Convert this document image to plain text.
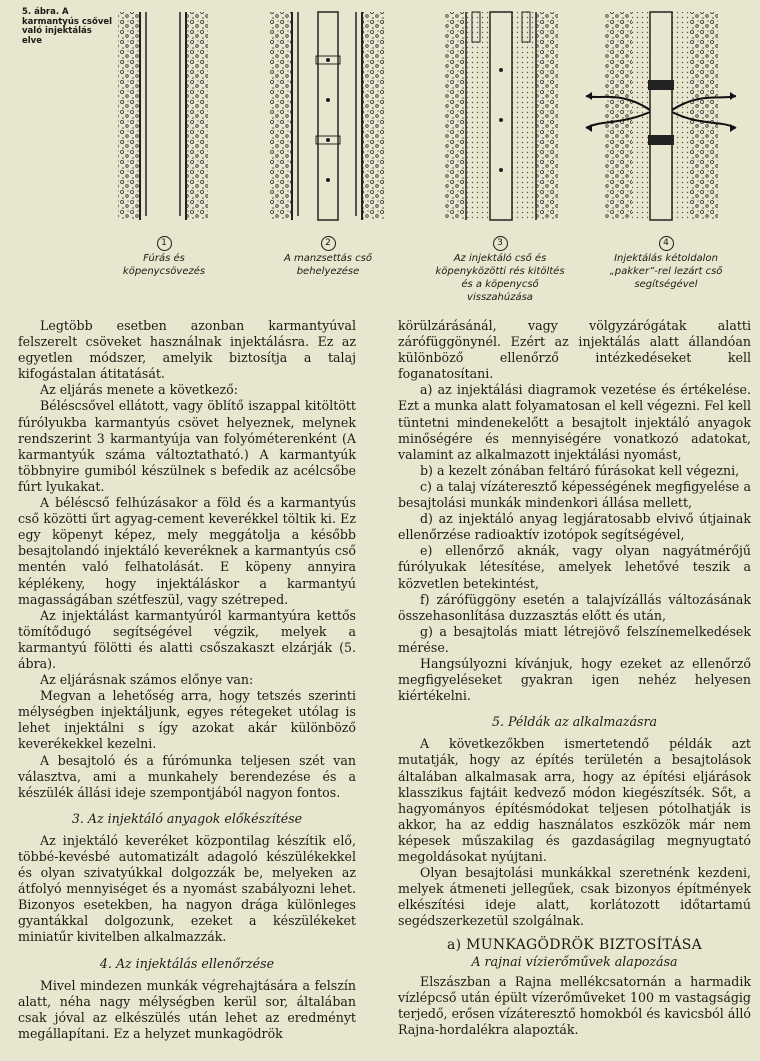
5. ábra. A karmantyús csővel való injektálás elve
1
Fúrás és köpenycsövezés
2
A manzsettás cső behelyezése
3
Az injektáló cső és köpenyközötti rés kitöltés és a köpenycső visszahúzása
4
Injektálás kétoldalon „pakker”-rel lezárt cső segítségével

Legtöbb esetben azonban karmantyúval felszerelt csöveket használnak injektálásra. Ez az egyetlen módszer, amelyik biztosítja a talaj kifogástalan átitatását.

Az eljárás menete a következő:

Béléscsővel ellátott, vagy öblítő iszappal kitöltött fúrólyukba karmantyús csövet helyeznek, melynek rendszerint 3 karmantyúja van folyóméterenként (A karmantyúk száma változtatható.) A karmantyúk többnyire gumiból készülnek s befedik az acélcsőbe fúrt lyukakat.

A béléscső felhúzásakor a föld és a karmantyús cső közötti űrt agyag-cement keverékkel töltik ki. Ez egy köpenyt képez, mely meggátolja a később besajtolandó injektáló keveréknek a karmantyús cső mentén való felhatolását. E köpeny annyira képlékeny, hogy injektáláskor a karmantyú magasságában szétfeszül, vagy szétreped.

Az injektálást karmantyúról karmantyúra kettős tömítődugó segítségével végzik, melyek a karmantyú fölötti és alatti csőszakaszt elzárják (5. ábra).

Az eljárásnak számos előnye van:

Megvan a lehetőség arra, hogy tetszés szerinti mélységben injektáljunk, egyes rétegeket utólag is lehet injektálni s így azokat akár különböző keverékekkel kezelni.

A besajtoló és a fúrómunka teljesen szét van választva, ami a munkahely berendezése és a készülék állási ideje szempontjából nagyon fontos.

3. Az injektáló anyagok előkészítése

Az injektáló keveréket központilag készítik elő, többé-kevésbé automatizált adagoló készülékekkel és olyan szivatyúkkal dolgozzák be, melyeken az átfolyó mennyiséget és a nyomást szabályozni lehet. Bizonyos esetekben, ha nagyon drága különleges gyantákkal dolgozunk, ezeket a készülékeket miniatűr kivitelben alkalmazzák.

4. Az injektálás ellenőrzése

Mivel mindezen munkák végrehajtására a felszín alatt, néha nagy mélységben kerül sor, általában csak jóval az elkészülés után lehet az eredményt megállapítani. Ez a helyzet munkagödrök

körülzárásánál, vagy völgyzárógátak alatti zárófüggönynél. Ezért az injektálás alatt állandóan különböző ellenőrző intézkedéseket kell foganatosítani.

a) az injektálási diagramok vezetése és értékelése. Ezt a munka alatt folyamatosan el kell végezni. Fel kell tüntetni mindenekelőtt a besajtolt injektáló anyagok minőségére és mennyiségére vonatkozó adatokat, valamint az alkalmazott injektálási nyomást,

b) a kezelt zónában feltáró fúrásokat kell végezni,

c) a talaj vízáteresztő képességének megfigyelése a besajtolási munkák mindenkori állása mellett,

d) az injektáló anyag legjáratosabb elvivő útjainak ellenőrzése radioaktív izotópok segítségével,

e) ellenőrző aknák, vagy olyan nagyátmérőjű fúrólyukak létesítése, amelyek lehetővé teszik a közvetlen betekintést,

f) zárófüggöny esetén a talajvízállás változásának összehasonlítása duzzasztás előtt és után,

g) a besajtolás miatt létrejövő felszínemelkedések mérése.

Hangsúlyozni kívánjuk, hogy ezeket az ellenőrző megfigyeléseket gyakran igen nehéz helyesen kiértékelni.

5. Példák az alkalmazásra

A következőkben ismertetendő példák azt mutatják, hogy az építés területén a besajtolások általában alkalmasak arra, hogy az építési eljárások klasszikus fajtáit kedvező módon kiegészítsék. Sőt, a hagyományos építésmódokat teljesen pótolhatják is akkor, ha az eddig használatos eszközök már nem képesek műszakilag és gazdaságilag megnyugtató megoldásokat nyújtani.

Olyan besajtolási munkákkal szeretnénk kezdeni, melyek átmeneti jellegűek, csak bizonyos építmények elkészítési ideje alatt, korlátozott időtartamú segédszerkezetül szolgálnak.

a) MUNKAGÖDRÖK BIZTOSÍTÁSA
A rajnai vízierőművek alapozása

Elszászban a Rajna mellékcsatornán a harmadik vízlépcső után épült vízerőműveket 100 m vastagságig terjedő, erősen vízáteresztő homokból és kavicsból álló Rajna-hordalékra alapozták.
